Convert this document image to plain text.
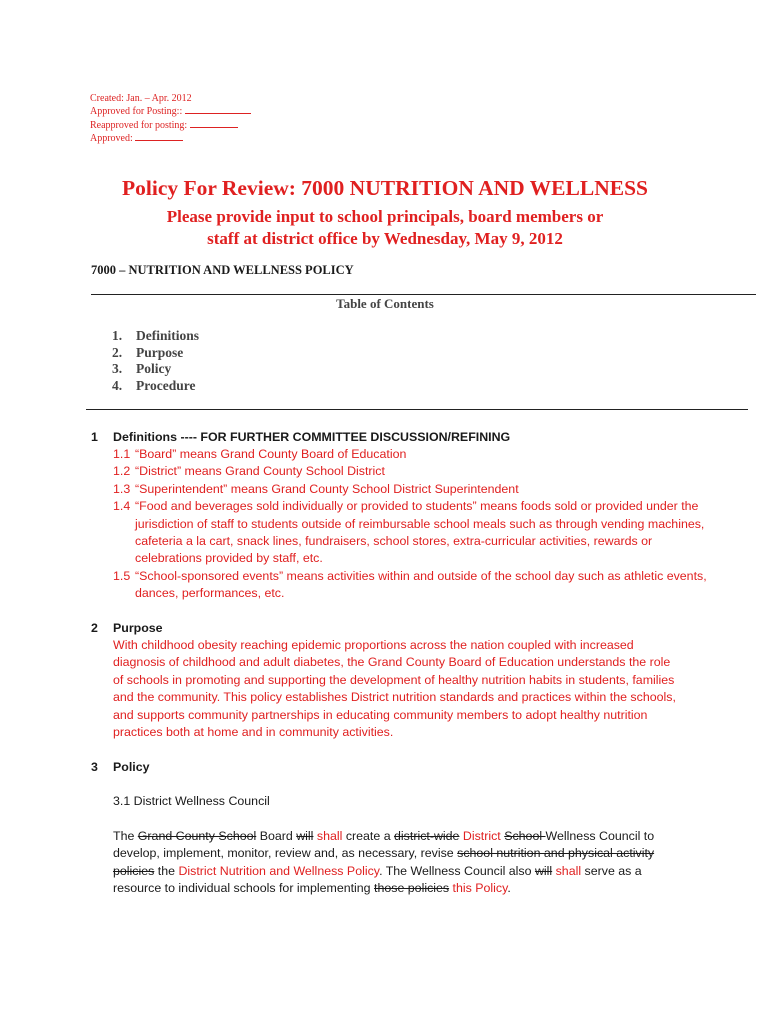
Created: Jan. – Apr. 2012
Approved for Posting::
Reapproved for posting:
Approved:
Policy For Review: 7000 NUTRITION AND WELLNESS
Please provide input to school principals, board members or
staff at district office by Wednesday, May 9, 2012
7000 – NUTRITION AND WELLNESS POLICY
Table of Contents
1. Definitions
2. Purpose
3. Policy
4. Procedure
1 Definitions ---- FOR FURTHER COMMITTEE DISCUSSION/REFINING
1.1 “Board” means Grand County Board of Education
1.2 “District” means Grand County School District
1.3 “Superintendent” means Grand County School District Superintendent
1.4 “Food and beverages sold individually or provided to students” means foods sold or provided under the jurisdiction of staff to students outside of reimbursable school meals such as through vending machines, cafeteria a la cart, snack lines, fundraisers, school stores, extra-curricular activities, rewards or celebrations provided by staff, etc.
1.5 “School-sponsored events” means activities within and outside of the school day such as athletic events, dances, performances, etc.
2 Purpose
With childhood obesity reaching epidemic proportions across the nation coupled with increased diagnosis of childhood and adult diabetes, the Grand County Board of Education understands the role of schools in promoting and supporting the development of healthy nutrition habits in students, families and the community. This policy establishes District nutrition standards and practices within the schools, and supports community partnerships in educating community members to adopt healthy nutrition practices both at home and in community activities.
3 Policy
3.1 District Wellness Council
The Grand County School Board will shall create a district-wide District School Wellness Council to develop, implement, monitor, review and, as necessary, revise school nutrition and physical activity policies the District Nutrition and Wellness Policy. The Wellness Council also will shall serve as a resource to individual schools for implementing those policies this Policy.
